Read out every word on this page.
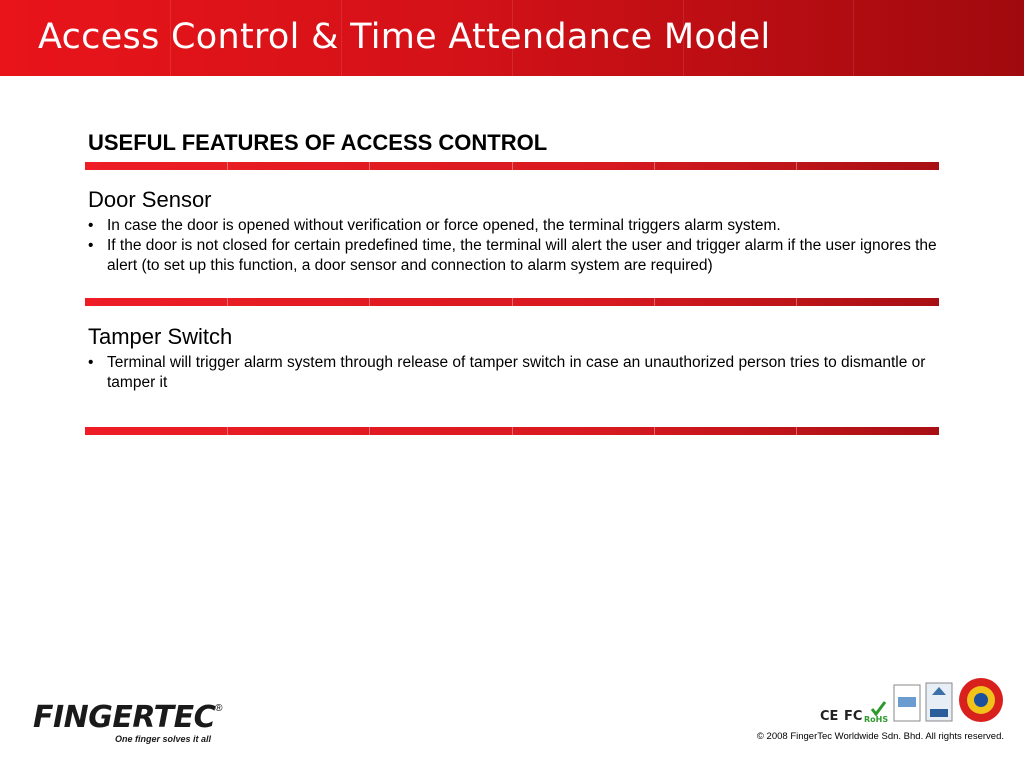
Access Control & Time Attendance Model
USEFUL FEATURES OF ACCESS CONTROL
Door Sensor
• In case the door is opened without verification or force opened, the terminal triggers alarm system.
• If the door is not closed for certain predefined time, the terminal will alert the user and trigger alarm if the user ignores the alert (to set up this function, a door sensor and connection to alarm system are required)
Tamper Switch
• Terminal will trigger alarm system through release of tamper switch in case an unauthorized person tries to dismantle or tamper it
FINGERTEC®
One finger solves it all
CE FC RoHS
© 2008 FingerTec Worldwide Sdn. Bhd. All rights reserved.
